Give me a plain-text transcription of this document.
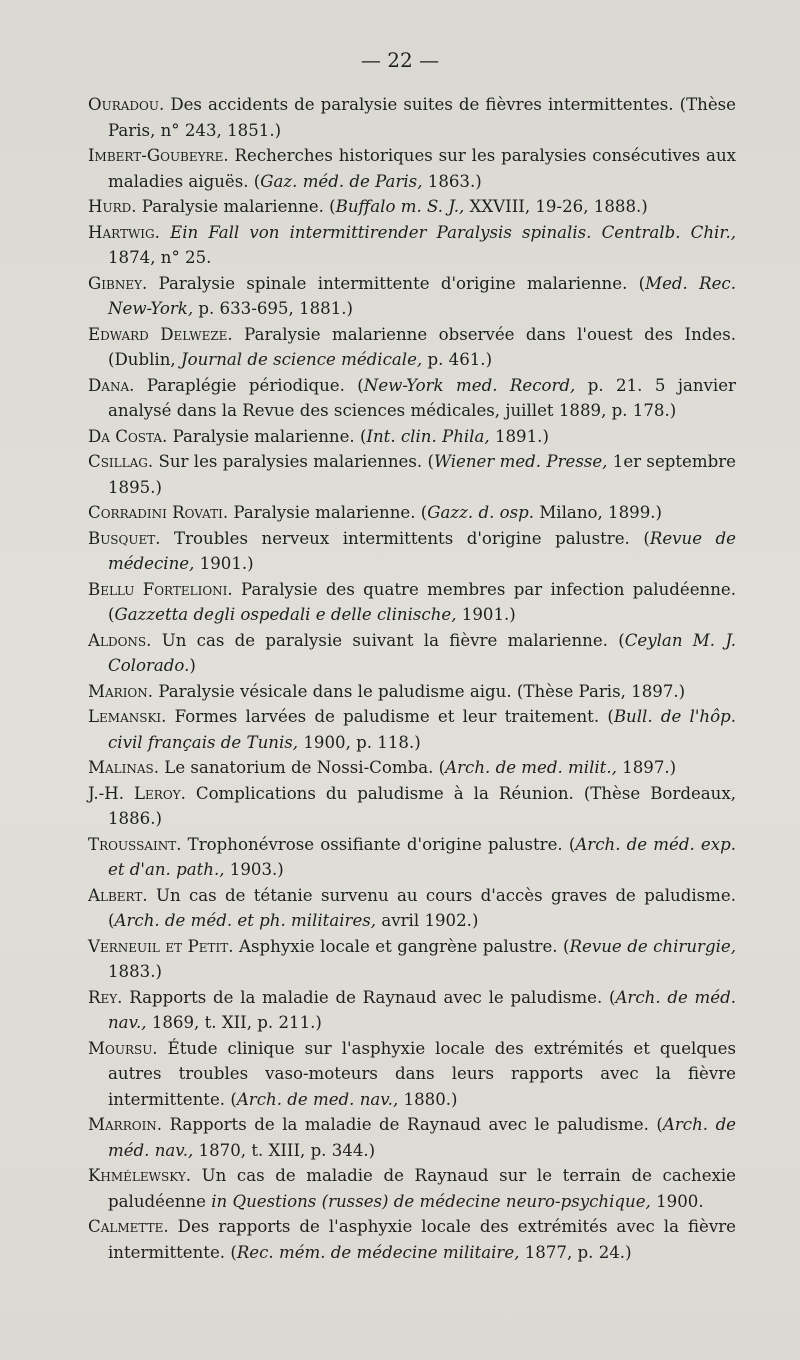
— 22 —

Ouradou. Des accidents de paralysie suites de fièvres intermittentes. (Thèse Paris, n° 243, 1851.)

Imbert-Goubeyre. Recherches historiques sur les paralysies consécutives aux maladies aiguës. (Gaz. méd. de Paris, 1863.)

Hurd. Paralysie malarienne. (Buffalo m. S. J., XXVIII, 19-26, 1888.)

Hartwig. Ein Fall von intermittirender Paralysis spinalis. Centralb. Chir., 1874, n° 25.

Gibney. Paralysie spinale intermittente d'origine malarienne. (Med. Rec. New-York, p. 633-695, 1881.)

Edward Delweze. Paralysie malarienne observée dans l'ouest des Indes. (Dublin, Journal de science médicale, p. 461.)

Dana. Paraplégie périodique. (New-York med. Record, p. 21. 5 janvier analysé dans la Revue des sciences médicales, juillet 1889, p. 178.)

Da Costa. Paralysie malarienne. (Int. clin. Phila, 1891.)

Csillag. Sur les paralysies malariennes. (Wiener med. Presse, 1er septembre 1895.)

Corradini Rovati. Paralysie malarienne. (Gazz. d. osp. Milano, 1899.)

Busquet. Troubles nerveux intermittents d'origine palustre. (Revue de médecine, 1901.)

Bellu Fortelioni. Paralysie des quatre membres par infection paludéenne. (Gazzetta degli ospedali e delle clinische, 1901.)

Aldons. Un cas de paralysie suivant la fièvre malarienne. (Ceylan M. J. Colorado.)

Marion. Paralysie vésicale dans le paludisme aigu. (Thèse Paris, 1897.)

Lemanski. Formes larvées de paludisme et leur traitement. (Bull. de l'hôp. civil français de Tunis, 1900, p. 118.)

Malinas. Le sanatorium de Nossi-Comba. (Arch. de med. milit., 1897.)

J.-H. Leroy. Complications du paludisme à la Réunion. (Thèse Bordeaux, 1886.)

Troussaint. Trophonévrose ossifiante d'origine palustre. (Arch. de méd. exp. et d'an. path., 1903.)

Albert. Un cas de tétanie survenu au cours d'accès graves de paludisme. (Arch. de méd. et ph. militaires, avril 1902.)

Verneuil et Petit. Asphyxie locale et gangrène palustre. (Revue de chirurgie, 1883.)

Rey. Rapports de la maladie de Raynaud avec le paludisme. (Arch. de méd. nav., 1869, t. XII, p. 211.)

Moursu. Étude clinique sur l'asphyxie locale des extrémités et quelques autres troubles vaso-moteurs dans leurs rapports avec la fièvre intermittente. (Arch. de med. nav., 1880.)

Marroin. Rapports de la maladie de Raynaud avec le paludisme. (Arch. de méd. nav., 1870, t. XIII, p. 344.)

Khmélewsky. Un cas de maladie de Raynaud sur le terrain de cachexie paludéenne in Questions (russes) de médecine neuro-psychique, 1900.

Calmette. Des rapports de l'asphyxie locale des extrémités avec la fièvre intermittente. (Rec. mém. de médecine militaire, 1877, p. 24.)
